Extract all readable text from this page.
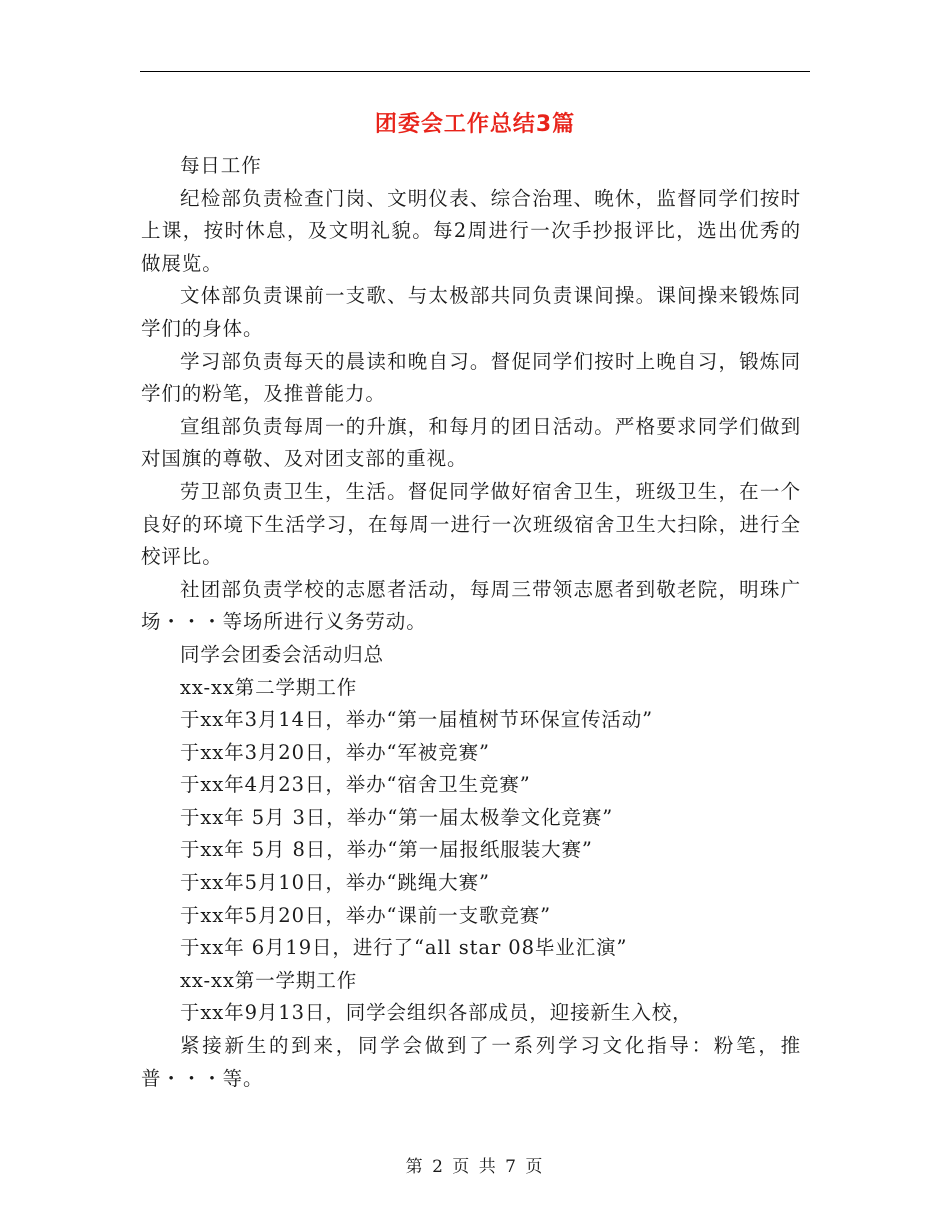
团委会工作总结3篇

每日工作

纪检部负责检查门岗、文明仪表、综合治理、晚休，监督同学们按时上课，按时休息，及文明礼貌。每2周进行一次手抄报评比，选出优秀的做展览。

文体部负责课前一支歌、与太极部共同负责课间操。课间操来锻炼同学们的身体。

学习部负责每天的晨读和晚自习。督促同学们按时上晚自习，锻炼同学们的粉笔，及推普能力。

宣组部负责每周一的升旗，和每月的团日活动。严格要求同学们做到对国旗的尊敬、及对团支部的重视。

劳卫部负责卫生，生活。督促同学做好宿舍卫生，班级卫生，在一个良好的环境下生活学习，在每周一进行一次班级宿舍卫生大扫除，进行全校评比。

社团部负责学校的志愿者活动，每周三带领志愿者到敬老院，明珠广场・・・等场所进行义务劳动。

同学会团委会活动归总

xx-xx第二学期工作

于xx年3月14日，举办“第一届植树节环保宣传活动”

于xx年3月20日，举办“军被竞赛”

于xx年4月23日，举办“宿舍卫生竞赛”

于xx年 5月 3日，举办“第一届太极拳文化竞赛”

于xx年 5月 8日，举办“第一届报纸服装大赛”

于xx年5月10日，举办“跳绳大赛”

于xx年5月20日，举办“课前一支歌竞赛”

于xx年 6月19日，进行了“all star 08毕业汇演”

xx-xx第一学期工作

于xx年9月13日，同学会组织各部成员，迎接新生入校，

紧接新生的到来，同学会做到了一系列学习文化指导：粉笔，推普・・・等。

第 2 页 共 7 页
